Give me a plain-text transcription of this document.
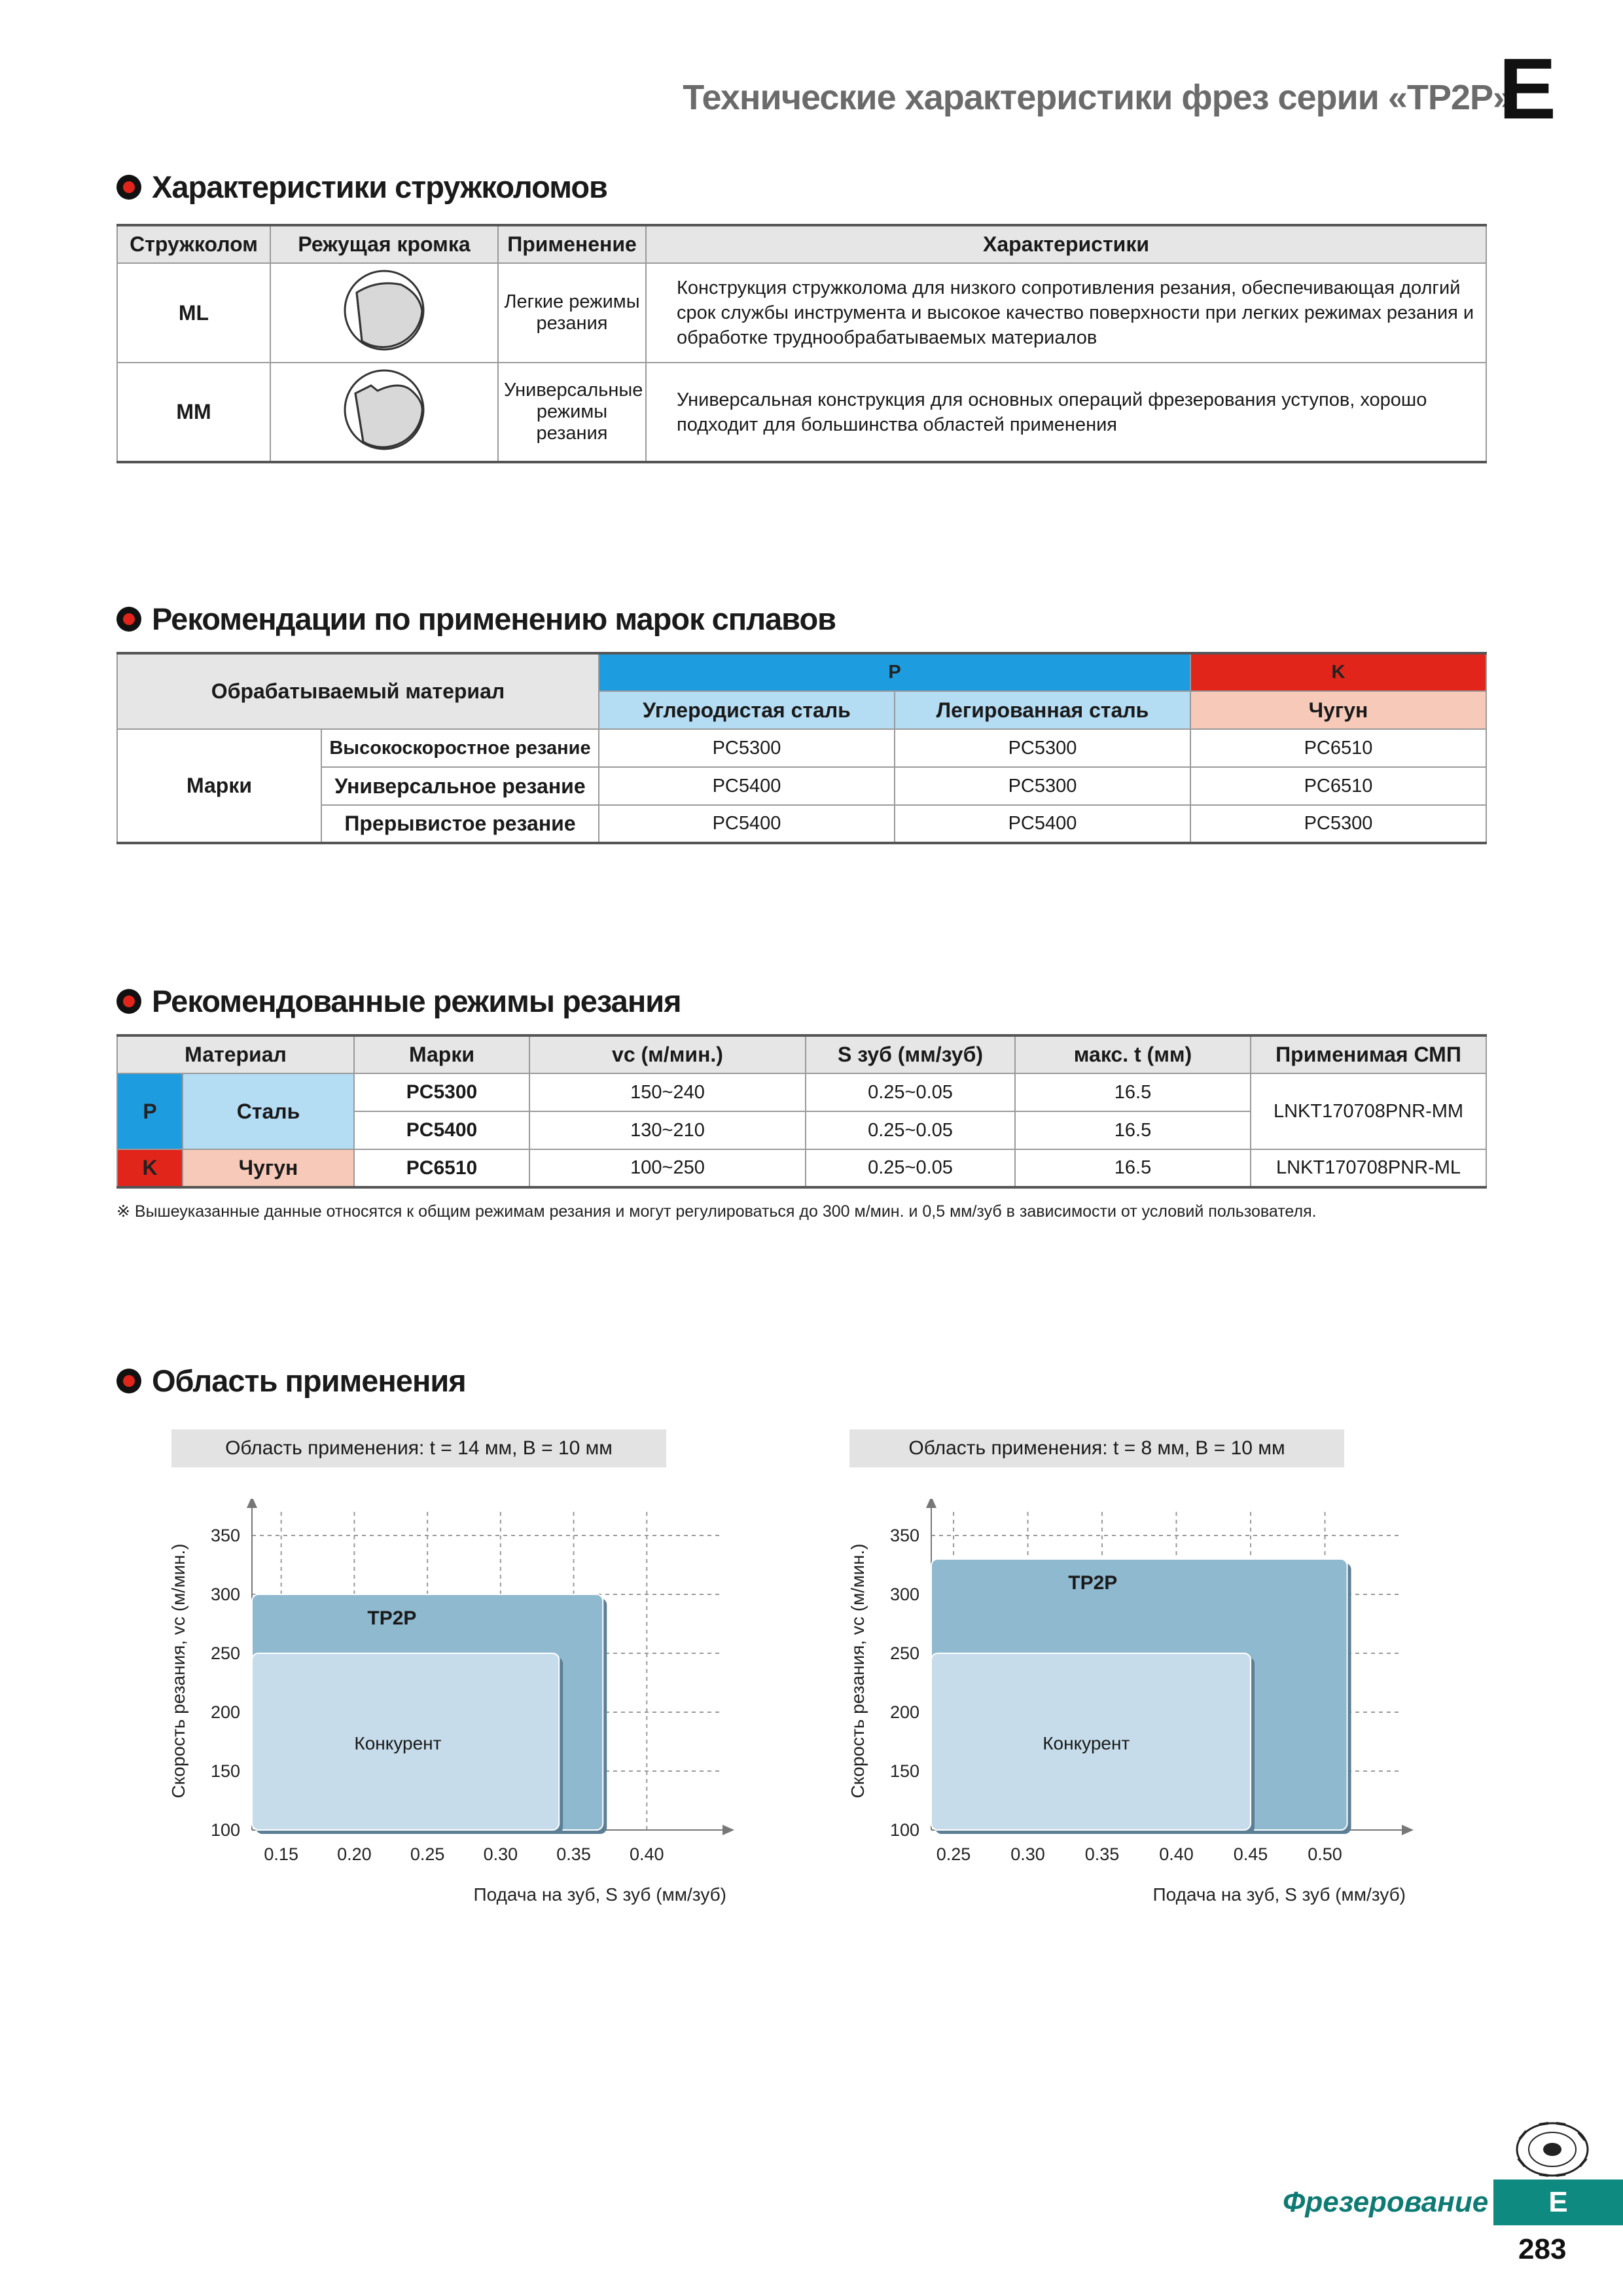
Технические характеристики фрез серии «TP2P»
E
Характеристики стружколомов
Стружколом	Режущая кромка	Применение	Характеристики
ML		Легкие режимы резания	Конструкция стружколома для низкого сопротивления резания, обеспечивающая долгий срок службы инструмента и высокое качество поверхности при легких режимах резания и обработке труднообрабатываемых материалов
MM		Универсальные режимы резания	Универсальная конструкция для основных операций фрезерования уступов, хорошо подходит для большинства областей применения
Рекомендации по применению марок сплавов
Обрабатываемый материал		P		K
		Углеродистая сталь	Легированная сталь	Чугун
Марки	Высокоскоростное резание	PC5300	PC5300	PC6510
	Универсальное резание	PC5400	PC5300	PC6510
	Прерывистое резание	PC5400	PC5400	PC5300
Рекомендованные режимы резания
Материал		Марки	vc (м/мин.)	S зуб (мм/зуб)	макс. t (мм)	Применимая СМП
P	Сталь	PC5300	150~240	0.25~0.05	16.5	LNKT170708PNR-MM
		PC5400	130~210	0.25~0.05	16.5	
K	Чугун	PC6510	100~250	0.25~0.05	16.5	LNKT170708PNR-ML
※ Вышеуказанные данные относятся к общим режимам резания и могут регулироваться до 300 м/мин. и 0,5 мм/зуб в зависимости от условий пользователя.
Область применения
Область применения: t = 14 мм, B = 10 мм	Область применения: t = 8 мм, B = 10 мм
TP2P
Конкурент
0.15 0.20 0.25 0.30 0.35 0.40
100
150
200
250
300
350
Подача на зуб, S зуб (мм/зуб)
Скорость резания, vc (м/мин.)	TP2P
Конкурент
0.25 0.30 0.35 0.40 0.45 0.50
100
150
200
250
300
350
Подача на зуб, S зуб (мм/зуб)
Скорость резания, vc (м/мин.)
Фрезерование	E
283
